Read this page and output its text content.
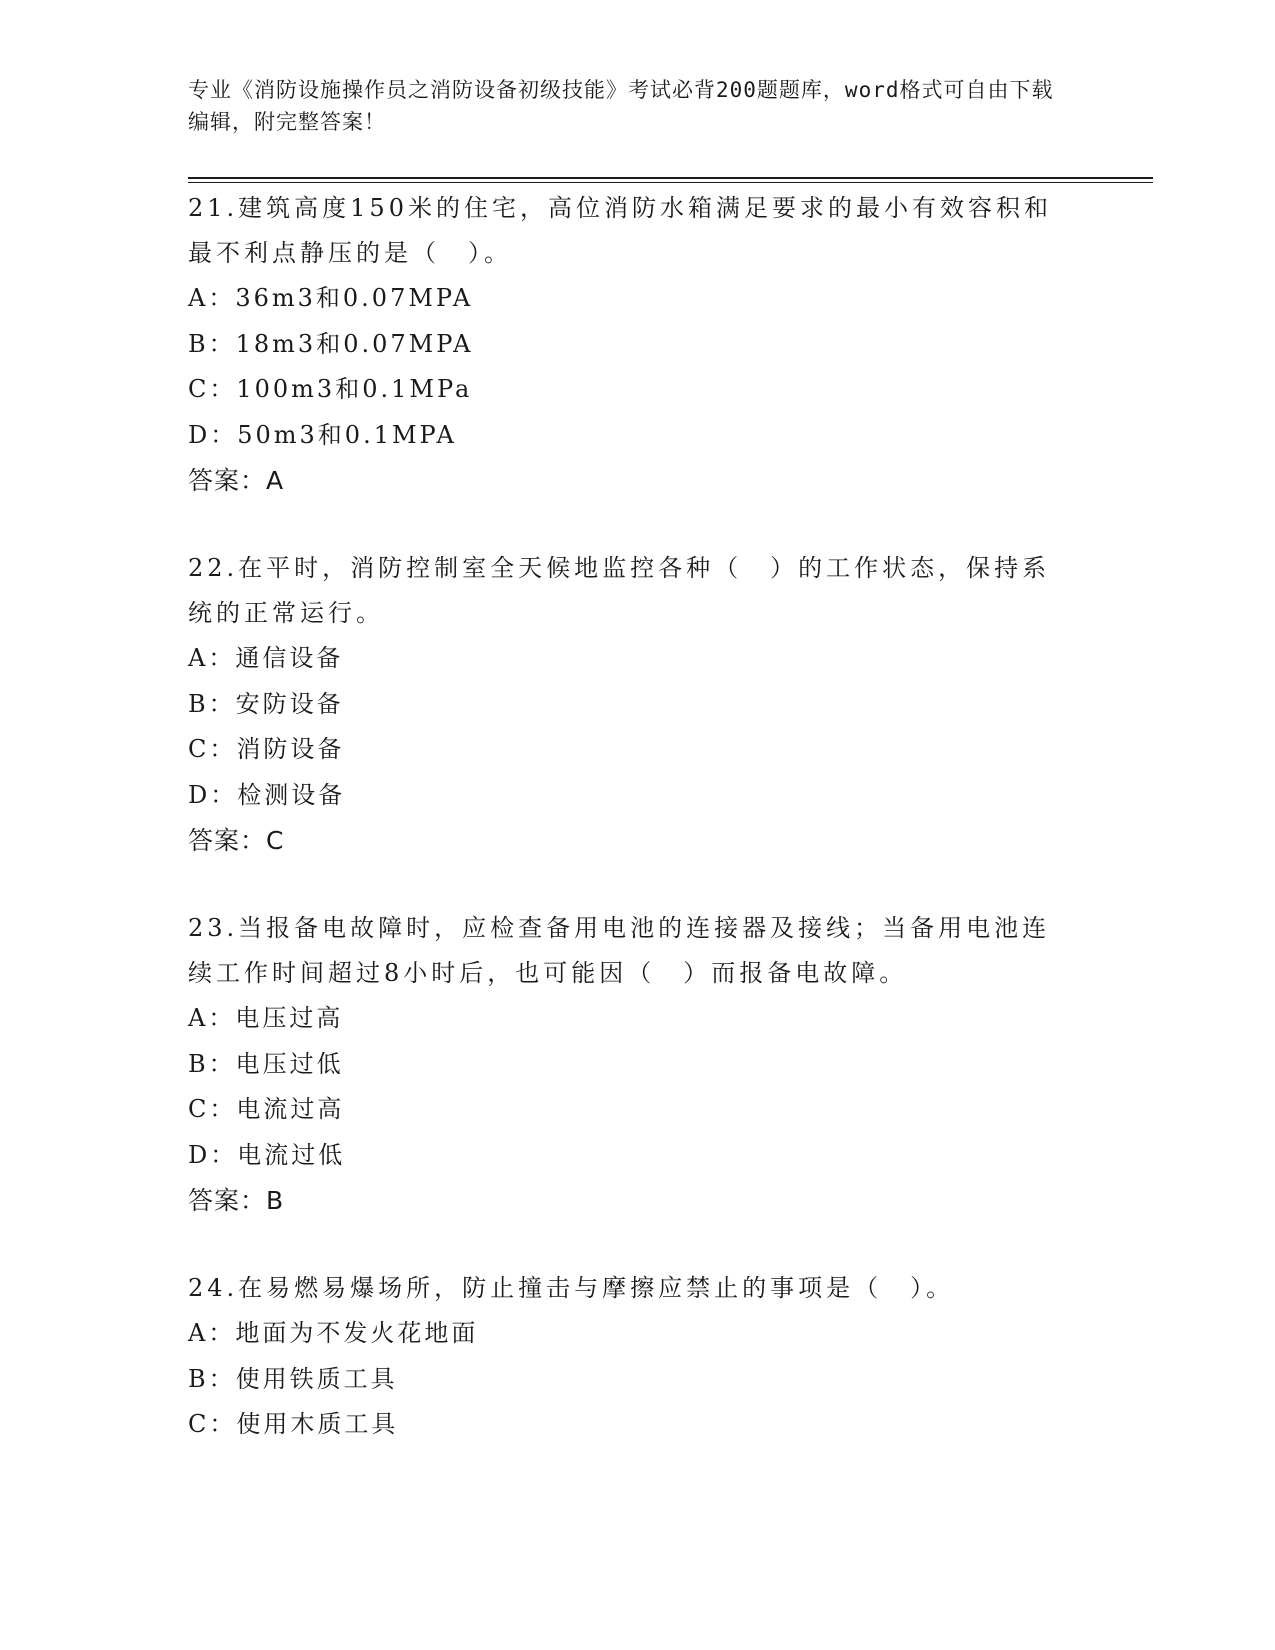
专业《消防设施操作员之消防设备初级技能》考试必背200题题库，word格式可自由下载编辑，附完整答案！

21.建筑高度150米的住宅，高位消防水箱满足要求的最小有效容积和最不利点静压的是（　）。

A：36m3和0.07MPA

B：18m3和0.07MPA

C：100m3和0.1MPa

D：50m3和0.1MPA

答案：A

22.在平时，消防控制室全天候地监控各种（　）的工作状态，保持系统的正常运行。

A：通信设备

B：安防设备

C：消防设备

D：检测设备

答案：C

23.当报备电故障时，应检查备用电池的连接器及接线；当备用电池连续工作时间超过8小时后，也可能因（　）而报备电故障。

A：电压过高

B：电压过低

C：电流过高

D：电流过低

答案：B

24.在易燃易爆场所，防止撞击与摩擦应禁止的事项是（　）。

A：地面为不发火花地面

B：使用铁质工具

C：使用木质工具
